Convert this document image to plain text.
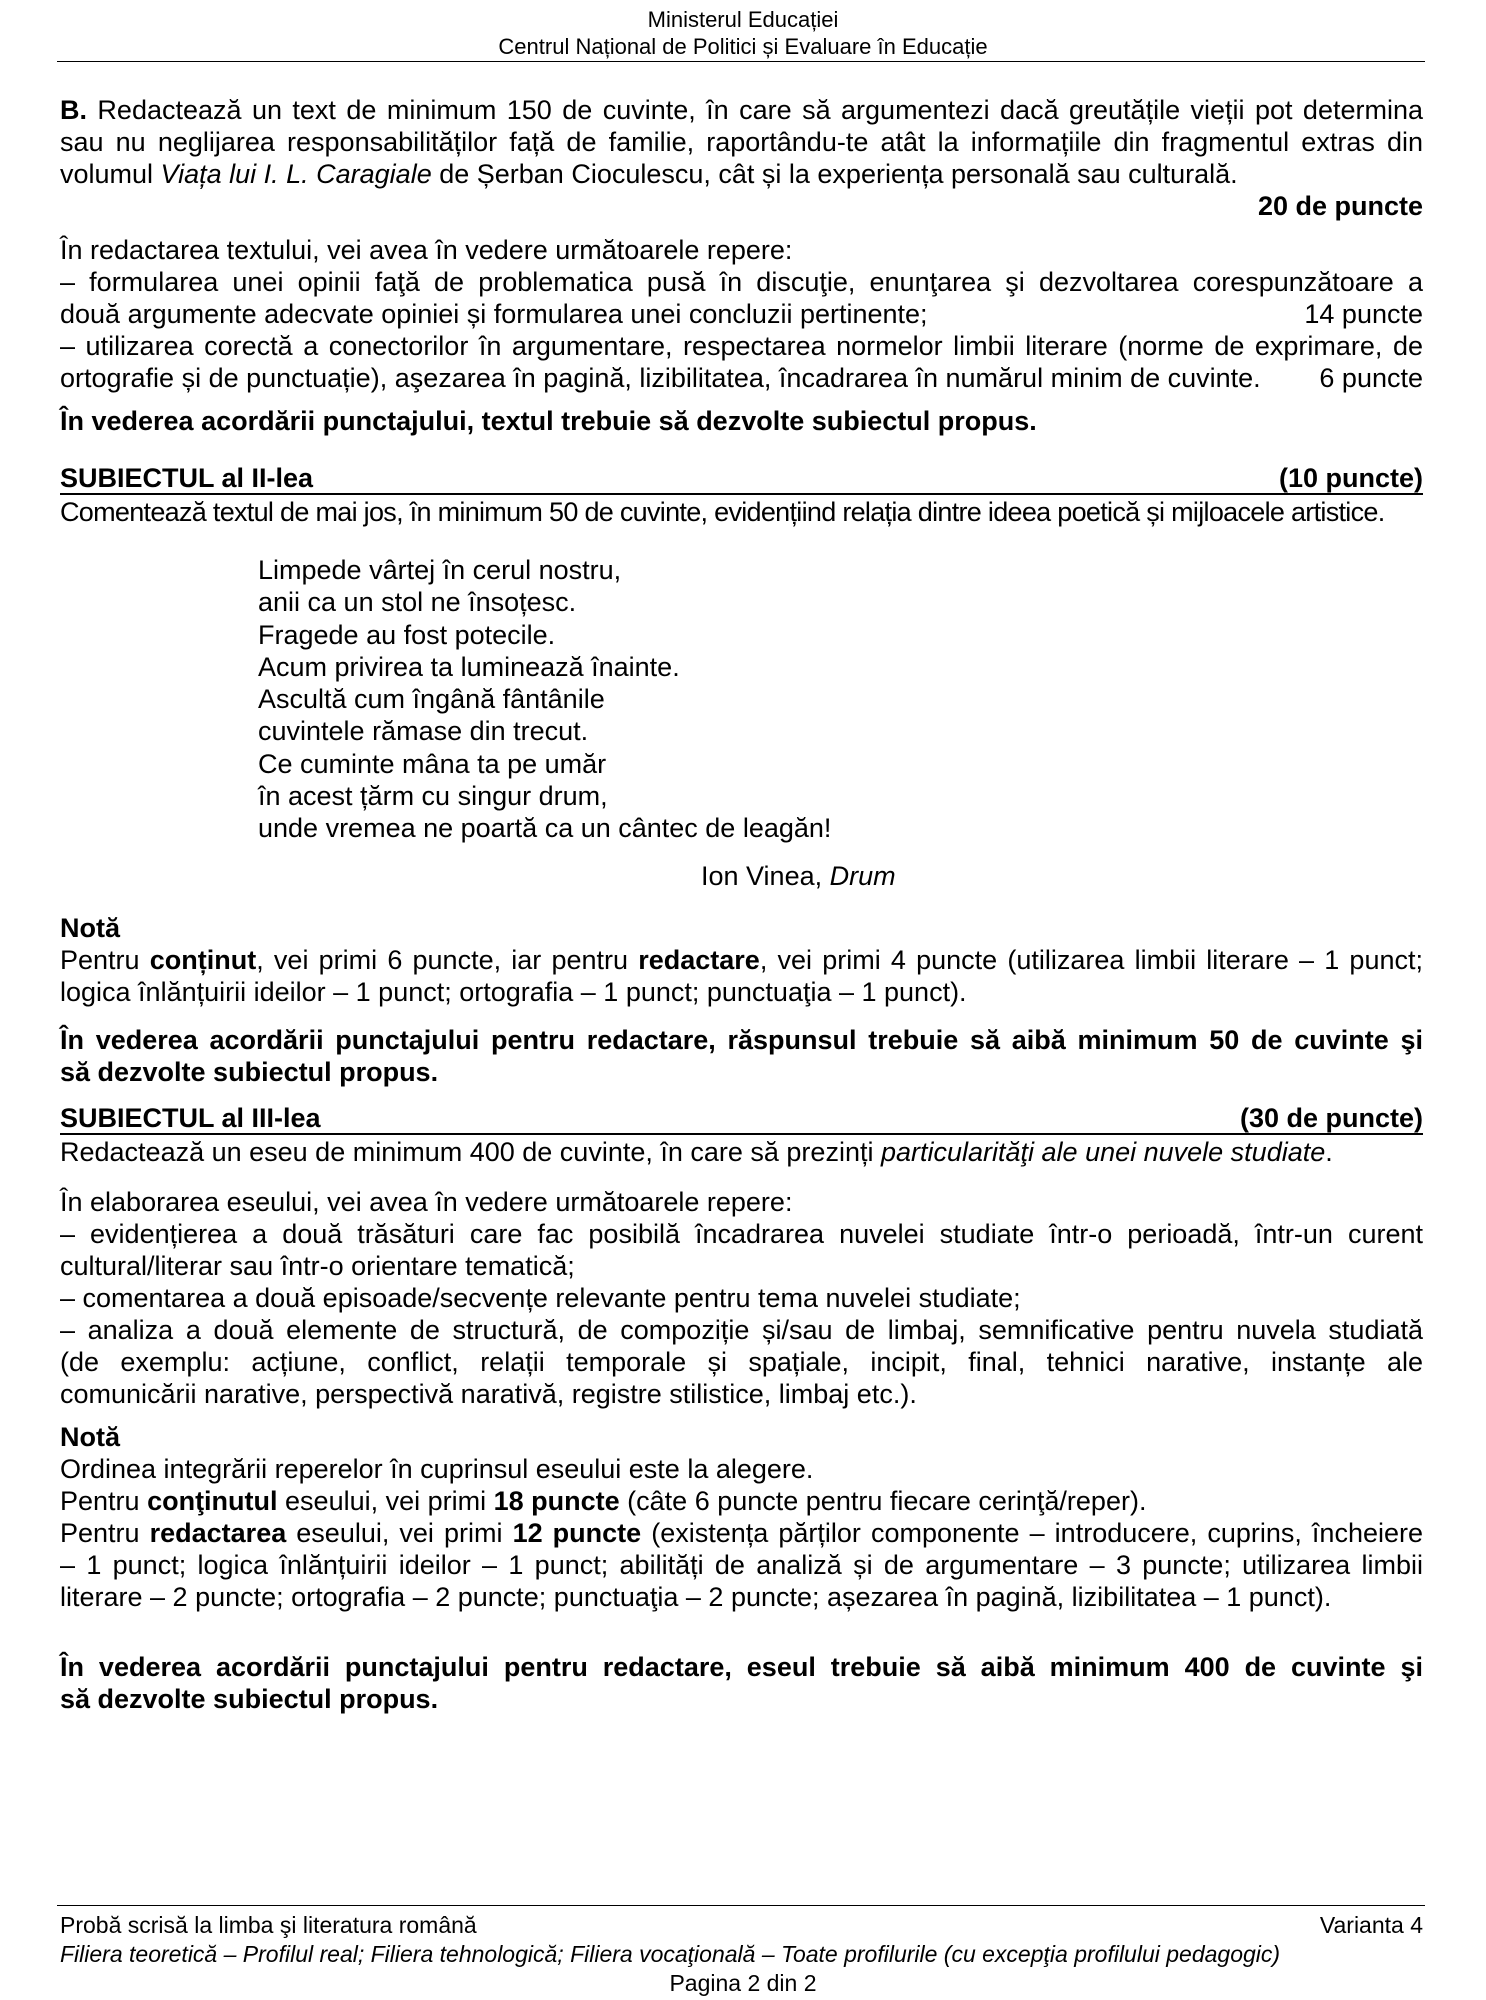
Ministerul Educației
Centrul Național de Politici și Evaluare în Educație
B. Redactează un text de minimum 150 de cuvinte, în care să argumentezi dacă greutățile vieții pot determina
sau nu neglijarea responsabilităților față de familie, raportându-te atât la informațiile din fragmentul extras din
volumul Viața lui I. L. Caragiale de Șerban Cioculescu, cât și la experiența personală sau culturală.
20 de puncte
În redactarea textului, vei avea în vedere următoarele repere:
– formularea unei opinii faţă de problematica pusă în discuţie, enunţarea şi dezvoltarea corespunzătoare a
două argumente adecvate opiniei și formularea unei concluzii pertinente;	14 puncte
– utilizarea corectă a conectorilor în argumentare, respectarea normelor limbii literare (norme de exprimare, de
ortografie și de punctuație), aşezarea în pagină, lizibilitatea, încadrarea în numărul minim de cuvinte. 6 puncte
În vederea acordării punctajului, textul trebuie să dezvolte subiectul propus.
SUBIECTUL al II-lea	(10 puncte)
Comentează textul de mai jos, în minimum 50 de cuvinte, evidențiind relația dintre ideea poetică și mijloacele artistice.
Limpede vârtej în cerul nostru,
anii ca un stol ne însoțesc.
Fragede au fost potecile.
Acum privirea ta luminează înainte.
Ascultă cum îngână fântânile
cuvintele rămase din trecut.
Ce cuminte mâna ta pe umăr
în acest țărm cu singur drum,
unde vremea ne poartă ca un cântec de leagăn!
Ion Vinea, Drum
Notă
Pentru conținut, vei primi 6 puncte, iar pentru redactare, vei primi 4 puncte (utilizarea limbii literare – 1 punct;
logica înlănțuirii ideilor – 1 punct; ortografia – 1 punct; punctuaţia – 1 punct).
În vederea acordării punctajului pentru redactare, răspunsul trebuie să aibă minimum 50 de cuvinte şi
să dezvolte subiectul propus.
SUBIECTUL al III-lea	(30 de puncte)
Redactează un eseu de minimum 400 de cuvinte, în care să prezinți particularităţi ale unei nuvele studiate.
În elaborarea eseului, vei avea în vedere următoarele repere:
– evidențierea a două trăsături care fac posibilă încadrarea nuvelei studiate într-o perioadă, într-un curent
cultural/literar sau într-o orientare tematică;
– comentarea a două episoade/secvențe relevante pentru tema nuvelei studiate;
– analiza a două elemente de structură, de compoziție și/sau de limbaj, semnificative pentru nuvela studiată
(de exemplu: acțiune, conflict, relații temporale și spațiale, incipit, final, tehnici narative, instanțe ale
comunicării narative, perspectivă narativă, registre stilistice, limbaj etc.).
Notă
Ordinea integrării reperelor în cuprinsul eseului este la alegere.
Pentru conţinutul eseului, vei primi 18 puncte (câte 6 puncte pentru fiecare cerinţă/reper).
Pentru redactarea eseului, vei primi 12 puncte (existența părților componente – introducere, cuprins, încheiere
– 1 punct; logica înlănțuirii ideilor – 1 punct; abilități de analiză și de argumentare – 3 puncte; utilizarea limbii
literare – 2 puncte; ortografia – 2 puncte; punctuaţia – 2 puncte; așezarea în pagină, lizibilitatea – 1 punct).
În vederea acordării punctajului pentru redactare, eseul trebuie să aibă minimum 400 de cuvinte şi
să dezvolte subiectul propus.
Probă scrisă la limba şi literatura română	Varianta 4
Filiera teoretică – Profilul real; Filiera tehnologică; Filiera vocaţională – Toate profilurile (cu excepţia profilului pedagogic)
Pagina 2 din 2
